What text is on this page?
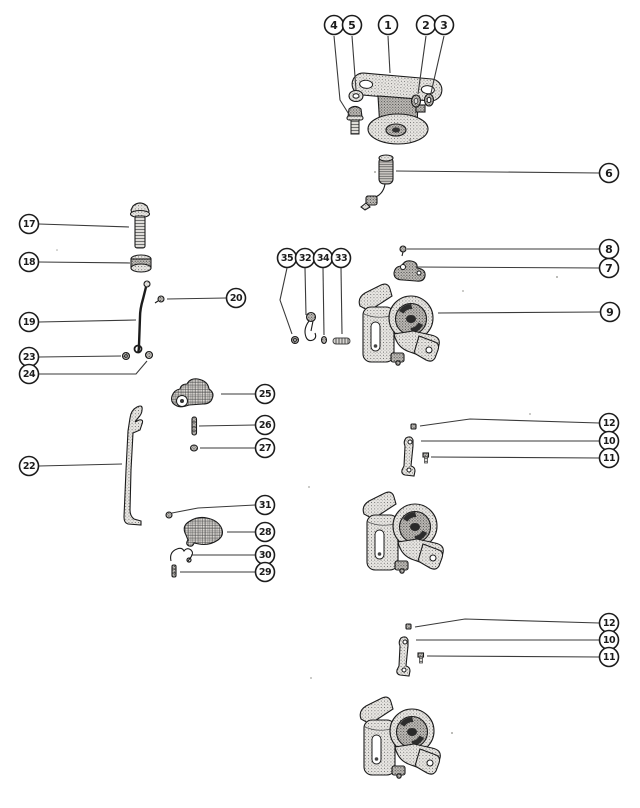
4 5	1	2 3
6
8
7
9
17
18
20
19
23
24
35 32 34 33
25
26
27
22
31
28
30
29
12
10
11
12
10
11
